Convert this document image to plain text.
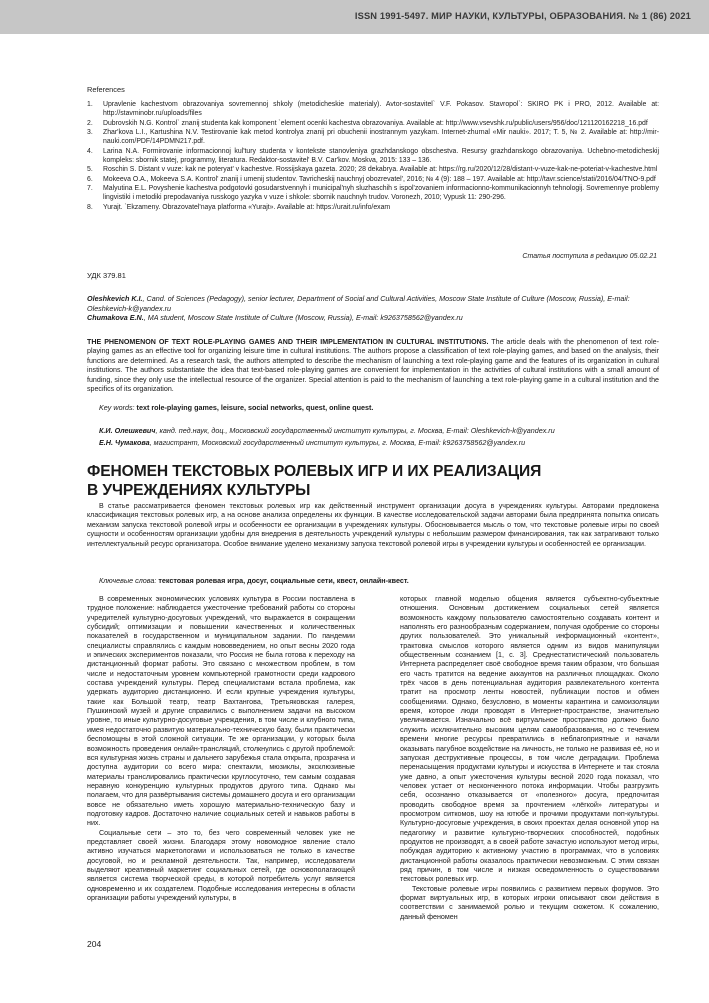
ISSN 1991-5497. МИР НАУКИ, КУЛЬТУРЫ, ОБРАЗОВАНИЯ. № 1 (86) 2021
References
1. Upravlenie kachestvom obrazovaniya sovremennoj shkoly (metodicheskie materialy). Avtor-sostavitel` V.F. Pokasov. Stavropol`: SKIRO PK i PRO, 2012. Available at: http://stavminobr.ru/uploads/files
2. Dubrovskih N.G. Kontrol` znanij studenta kak komponent `element ocenki kachestva obrazovaniya. Available at: http://www.vsevshk.ru/public/users/956/doc/121120162218_16.pdf
3. Zhar'kova L.I., Kartushina N.V. Testirovanie kak metod kontrolya znanij pri obuchenii inostrannym yazykam. Internet-zhurnal «Mir nauki». 2017; T. 5, № 2. Available at: http://mir-nauki.com/PDF/14PDMN217.pdf.
4. Larina N.A. Formirovanie informacionnoj kul'tury studenta v kontekste stanovleniya grazhdanskogo obschestva. Resursy grazhdanskogo obrazovaniya. Uchebno-metodicheskij kompleks: sbornik statej, programmy, literatura. Redaktor-sostavitel' B.V. Car'kov. Moskva, 2015: 133 – 136.
5. Roschin S. Distant v vuze: kak ne poteryat' v kachestve. Rossijskaya gazeta. 2020; 28 dekabrya. Available at: https://rg.ru/2020/12/28/distant-v-vuze-kak-ne-poteriat-v-kachestve.html
6. Mokeeva O.A., Mokeeva S.A. Kontrol' znanij i umenij studentov. Tavricheskij nauchnyj obozrevatel', 2016; № 4 (9): 188 – 197. Available at: http://tavr.science/stati/2016/04/TNO-9.pdf
7. Malyutina E.L. Povyshenie kachestva podgotovki gosudarstvennyh i municipal'nyh sluzhaschih s ispol'zovaniem informacionno-kommunikacionnyh tehnologij. Sovremennye problemy lingvistiki i metodiki prepodavaniya russkogo yazyka v vuze i shkole: sbornik nauchnyh trudov. Voronezh, 2010; Vypusk 11: 290-296.
8. Yurajt. `Ekzameny. Obrazovatel'naya platforma «Yurajt». Available at: https://urait.ru/info/exam
Статья поступила в редакцию 05.02.21
УДК 379.81
Oleshkevich K.I., Cand. of Sciences (Pedagogy), senior lecturer, Department of Social and Cultural Activities, Moscow State Institute of Culture (Moscow, Russia), E-mail: Oleshkevich-k@yandex.ru
Chumakova E.N., MA student, Moscow State Institute of Culture (Moscow, Russia), E-mail: k9263758562@yandex.ru
THE PHENOMENON OF TEXT ROLE-PLAYING GAMES AND THEIR IMPLEMENTATION IN CULTURAL INSTITUTIONS. The article deals with the phenomenon of text role-playing games as an effective tool for organizing leisure time in cultural institutions. The authors propose a classification of text role-playing games, and based on the analysis, their functions are determined. As a research task, the authors attempted to describe the mechanism of launching a text role-playing game and the features of its organization in cultural institutions. The authors substantiate the idea that text-based role-playing games are convenient for implementation in the activities of cultural institutions with a small amount of funding, since they only use the intellectual resource of the organizer. Special attention is paid to the mechanism of launching a text role-playing game in a cultural institution and the specifics of its organization.
Key words: text role-playing games, leisure, social networks, quest, online quest.
К.И. Олешкевич, канд. пед.наук, доц., Московский государственный институт культуры, г. Москва, E-mail: Oleshkevich-k@yandex.ru
Е.Н. Чумакова, магистрант, Московский государственный институт культуры, г. Москва, E-mail: k9263758562@yandex.ru
ФЕНОМЕН ТЕКСТОВЫХ РОЛЕВЫХ ИГР И ИХ РЕАЛИЗАЦИЯ
В УЧРЕЖДЕНИЯХ КУЛЬТУРЫ
В статье рассматривается феномен текстовых ролевых игр как действенный инструмент организации досуга в учреждениях культуры. Авторами предложена классификация текстовых ролевых игр, а на основе анализа определены их функции. В качестве исследовательской задачи авторами была предпринята попытка описать механизм запуска текстовой ролевой игры и особенности ее организации в учреждениях культуры. Обосновывается мысль о том, что текстовые ролевые игры по своей сущности и особенностям организации удобны для внедрения в деятельность учреждений культуры с небольшим размером финансирования, так как затрагивают только интеллектуальный ресурс организатора. Особое внимание уделено механизму запуска текстовой ролевой игры в учреждении культуры и особенностей ее организации.
Ключевые слова: текстовая ролевая игра, досуг, социальные сети, квест, онлайн-квест.

В современных экономических условиях культура в России поставлена в трудное положение: наблюдается ужесточение требований работы со стороны учредителей культурно-досуговых учреждений, что выражается в сокращении субсидий; оптимизации и повышении качественных и количественных показателей в государственном и муниципальном задании. По пандемии специалисты справлялись с каждым нововведением, но опыт весны 2020 года и эпических экспериментов показали, что Россия не была готова к переходу на дистанционный формат работы. Это связано с множеством проблем, в том числе и недостаточным уровнем компьютерной грамотности среди кадрового состава учреждений культуры. Перед специалистами встала проблема, как удержать аудиторию дистанционно. И если крупные учреждения культуры, такие как Большой театр, театр Вахтангова, Третьяковская галерея, Пушкинский музей и другие справились с выполнением задачи на высоком уровне, то иные культурно-досуговые учреждения, в том числе и клубного типа, имея недостаточно развитую материально-техническую базу, были практически беспомощны в этой сложной ситуации. Те же организации, у которых была возможность проведения онлайн-трансляций, столкнулись с другой проблемой: вся культурная жизнь страны и дальнего зарубежья стала открыта, прозрачна и доступна аудитории со всего мира: спектакли, мюзиклы, эксклюзивные материалы транслировались практически круглосуточно, тем самым создавая неравную конкуренцию культурных продуктов другого типа. Однако мы полагаем, что для развёртывания системы домашнего досуга и его организации вовсе не обязательно иметь хорошую материально-техническую базу и подготовку кадров. Достаточно наличие социальных сетей и навыков работы в них.

Социальные сети – это то, без чего современный человек уже не представляет своей жизни. Благодаря этому новомодное явление стало активно изучаться маркетологами и использоваться не только в качестве досуговой, но и рекламной деятельности. Так, например, исследователи выделяют креативный маркетинг социальных сетей, где основополагающей является система творческой среды, в которой потребитель услуг является одновременно и их создателем. Подобные исследования интересны в области организации работы учреждений культуры, в

которых главной моделью общения является субъектно-субъектные отношения. Основным достижением социальных сетей является возможность каждому пользователю самостоятельно создавать контент и наполнять его разнообразным содержанием, получая одобрение со стороны других пользователей. Это уникальный информационный «контент», трактовка смыслов которого является одним из видов манипуляции общественным сознанием [1, с. 3]. Среднестатистический пользователь Интернета распределяет своё свободное время таким образом, что большая его часть тратится на ведение аккаунтов на различных площадках. Около трёх часов в день потенциальная аудитория развлекательного контента тратит на просмотр ленты новостей, публикации постов и обмен сообщениями. Однако, безусловно, в моменты карантина и самоизоляции время, которое люди проводят в Интернет-пространстве, значительно увеличивается. Изначально всё виртуальное пространство должно было служить исключительно высоким целям самообразования, но с течением времени многие ресурсы превратились в неблагоприятные и начали оказывать пагубное воздействие на личность, не только не развивая её, но и запуская деструктивные процессы, в том числе деградации. Проблема перенасыщения продуктами культуры и искусства в Интернете и так стояла уже давно, а опыт ужесточения культуры весной 2020 года показал, что человек устает от несконченного потока информации. Чтобы разгрузить себя, осознанно отказывается от «полезного» досуга, предпочитая проводить свободное время за прочтением «лёгкой» литературы и просмотром ситкомов, шоу на ютюбе и прочими продуктами поп-культуры. Культурно-досуговые учреждения, в своих проектах делая основной упор на педагогику и развитие культурно-творческих способностей, подобных продуктов не производят, а в своей работе зачастую используют метод игры, побуждая аудиторию к активному участию в программах, что в условиях дистанционной работы оказалось практически невозможным. С этим связан ряд причин, в том числе и низкая осведомленность о существовании текстовых ролевых игр.

Текстовые ролевые игры появились с развитием первых форумов. Это формат виртуальных игр, в которых игроки описывают свои действия в соответствии с занимаемой ролью и текущим сюжетом. К сожалению, данный феномен

204
